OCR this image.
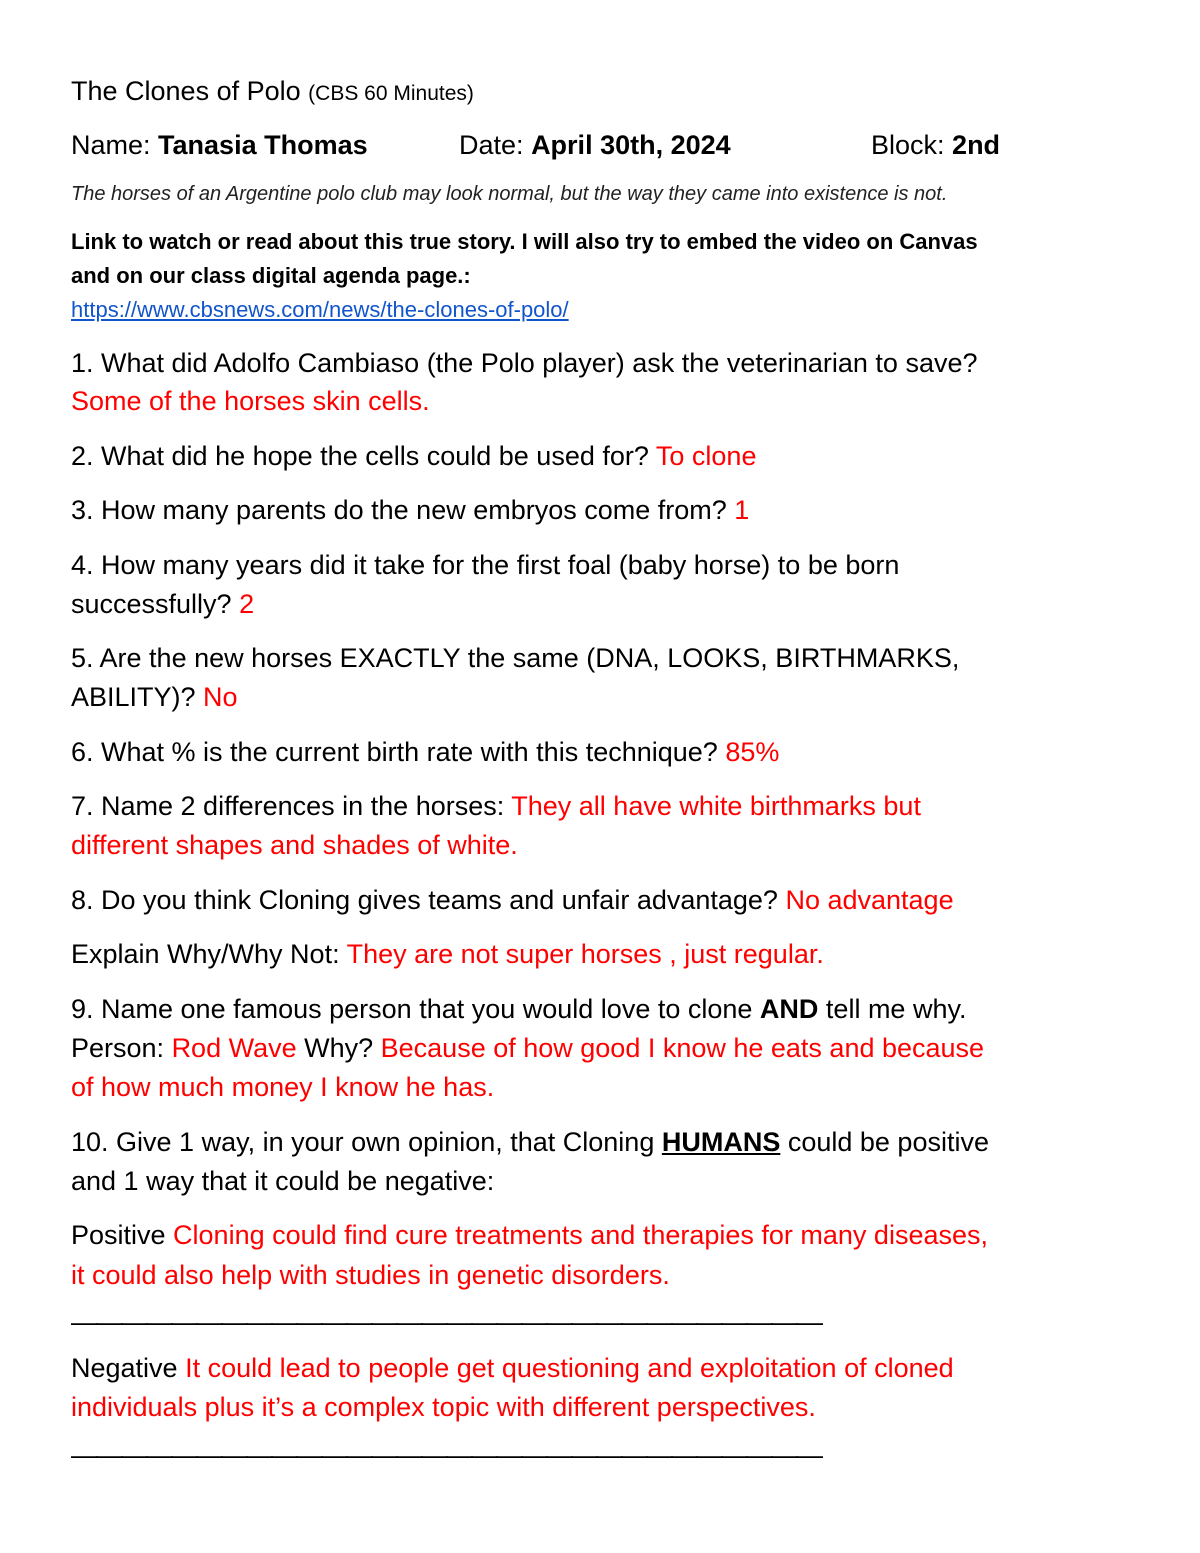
The Clones of Polo (CBS 60 Minutes)

Name: Tanasia Thomas	Date: April 30th, 2024	Block: 2nd

The horses of an Argentine polo club may look normal, but the way they came into existence is not.

Link to watch or read about this true story. I will also try to embed the video on Canvas

and on our class digital agenda page.:

https://www.cbsnews.com/news/the-clones-of-polo/

1. What did Adolfo Cambiaso (the Polo player) ask the veterinarian to save?

Some of the horses skin cells.

2. What did he hope the cells could be used for? To clone

3. How many parents do the new embryos come from? 1

4. How many years did it take for the first foal (baby horse) to be born

successfully? 2

5. Are the new horses EXACTLY the same (DNA, LOOKS, BIRTHMARKS,

ABILITY)? No

6. What % is the current birth rate with this technique? 85%

7. Name 2 differences in the horses: They all have white birthmarks but

different shapes and shades of white.

8. Do you think Cloning gives teams and unfair advantage? No advantage

Explain Why/Why Not: They are not super horses , just regular.

9. Name one famous person that you would love to clone AND tell me why.

Person: Rod Wave Why? Because of how good I know he eats and because

of how much money I know he has.

10. Give 1 way, in your own opinion, that Cloning HUMANS could be positive

and 1 way that it could be negative:

Positive Cloning could find cure treatments and therapies for many diseases,

it could also help with studies in genetic disorders.

——————————————————————————————

Negative It could lead to people get questioning and exploitation of cloned

individuals plus it’s a complex topic with different perspectives.

——————————————————————————————
